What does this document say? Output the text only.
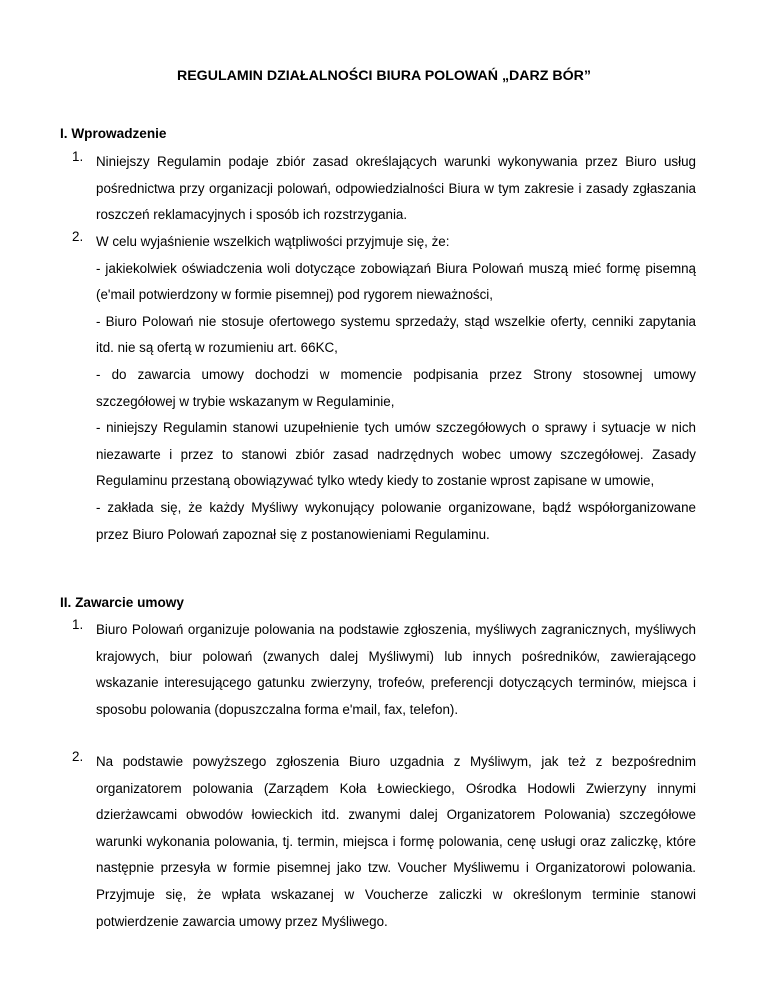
REGULAMIN DZIAŁALNOŚCI BIURA POLOWAŃ „DARZ BÓR”
I. Wprowadzenie
1. Niniejszy Regulamin podaje zbiór zasad określających warunki wykonywania przez Biuro usług pośrednictwa przy organizacji polowań, odpowiedzialności Biura w tym zakresie i zasady zgłaszania roszczeń reklamacyjnych i sposób ich rozstrzygania.

2. W celu wyjaśnienie wszelkich wątpliwości przyjmuje się, że:

- jakiekolwiek oświadczenia woli dotyczące zobowiązań Biura Polowań muszą mieć formę pisemną (e'mail potwierdzony w formie pisemnej) pod rygorem nieważności,

- Biuro Polowań nie stosuje ofertowego systemu sprzedaży, stąd wszelkie oferty, cenniki zapytania itd. nie są ofertą w rozumieniu art. 66KC,

- do zawarcia umowy dochodzi w momencie podpisania przez Strony stosownej umowy szczegółowej w trybie wskazanym w Regulaminie,

- niniejszy Regulamin stanowi uzupełnienie tych umów szczegółowych o sprawy i sytuacje w nich niezawarte i przez to stanowi zbiór zasad nadrzędnych wobec umowy szczegółowej. Zasady Regulaminu przestaną obowiązywać tylko wtedy kiedy to zostanie wprost zapisane w umowie,

- zakłada się, że każdy Myśliwy wykonujący polowanie organizowane, bądź współorganizowane przez Biuro Polowań zapoznał się z postanowieniami Regulaminu.

II. Zawarcie umowy
1. Biuro Polowań organizuje polowania na podstawie zgłoszenia, myśliwych zagranicznych, myśliwych krajowych, biur polowań (zwanych dalej Myśliwymi) lub innych pośredników, zawierającego wskazanie interesującego gatunku zwierzyny, trofeów, preferencji dotyczących terminów, miejsca i sposobu polowania (dopuszczalna forma e'mail, fax, telefon).

2. Na podstawie powyższego zgłoszenia Biuro uzgadnia z Myśliwym, jak też z bezpośrednim organizatorem polowania (Zarządem Koła Łowieckiego, Ośrodka Hodowli Zwierzyny innymi dzierżawcami obwodów łowieckich itd. zwanymi dalej Organizatorem Polowania) szczegółowe warunki wykonania polowania, tj. termin, miejsca i formę polowania, cenę usługi oraz zaliczkę, które następnie przesyła w formie pisemnej jako tzw. Voucher Myśliwemu i Organizatorowi polowania. Przyjmuje się, że wpłata wskazanej w Voucherze zaliczki w określonym terminie stanowi potwierdzenie zawarcia umowy przez Myśliwego.
